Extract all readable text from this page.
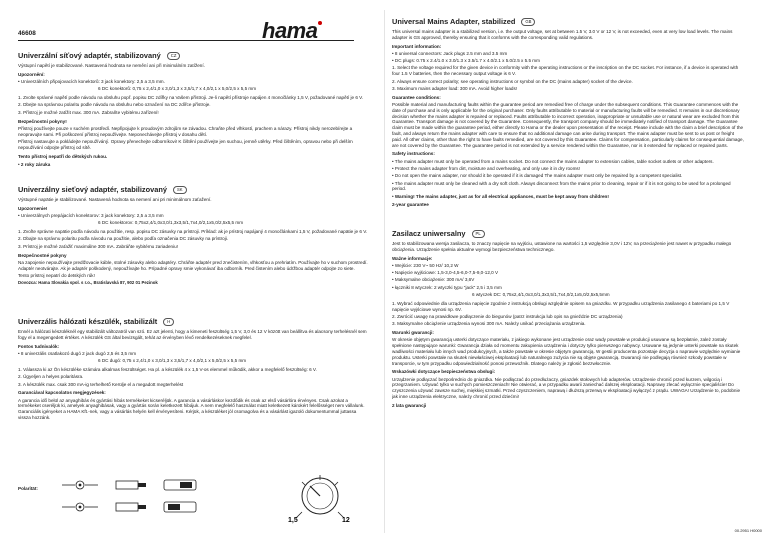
46608	hama
Univerzální síťový adaptér, stabilizovaný	CZ

Výstupní napětí je stabilizované. Nastavená hodnota se nemění ani při minimálním zatížení.

Upozornění:

• Univerzálních připojovacích konektorů: 3 jack konektory: 2,5 a 3,5 mm.

6 DC konektorů: 0,75 x 2,4/1,0 x 3,0/1,3 x 3,5/1,7 x 4,0/2,1 x 5,0/2,5 x 5,5 mm

1. Zvolte správné napětí podle návodu na obsluhu popř. popisu DC zdířky na Vašem přístroji. Je-li napětí přístroje napájen 4 monočlánky 1,5 V, požadované napětí je 6 V.

2. Dbejte na správnou polaritu podle návodu na obsluhu nebo označení na DC zdířce přístroje.

3. Přístroj je možné zatížit max. 300 mA. Zabraňte vybitému zařízení!

Bezpečnostní pokyny!

Přístroj používejte pouze v suchém prostředí. Nepřipojujte k proudovým zdrojům se závadou. Chraňte před vlhkostí, prachem a nárazy. Přístroj nikdy nerozebírejte a neopravujte sami. Při poškození přístroj nepoužívejte. Neponechávejte přístroj v dosahu dětí.

Přístroj nastavujte a pokládejte nepoužíváný. Opravy přenechejte odborníkovi! K čištění používejte jen suchou, jemně utěrky. Před čištěním, opravou nebo při delším nepoužívání odpojte přístroj od sítě.

Tento přístroj nepatří do dětských rukou.

• 2 roky záruka

Univerzálny sieťový adaptér, stabilizovaný	SK

Výstupné napätie je stabilizované. Nastavená hodnota sa nemení ani pri minimálnom zaťažení.

Upozornenie!

• Univerzálnych prepájacích konektorov: 3 jack konektory: 2,5 a 3,5 mm

6 DC konektorov: 0,75x2,4/1,0x3,0/1,3x3,5/1,7x4,0/2,1x5,0/2,5x5,5 mm

1. Zvoľte správne napätie podľa návodu na použitie, resp. popisu DC zásuvky na prístroji. Príklad: ak je prístroj napájaný 4 monočlánkami 1,5 V, požadované napätie je 6 V.

2. Dbajte na správnu polaritu podľa návodu na použitie, alebo podľa označenia DC zásuvky na prístroji.

3. Prístroj je možné zaťažiť maximálne 300 mA. Zabráňte vybitému zariadeniu!

Bezpečnostné pokyny

Na zapojenie nepoužívajte predlžovacie káble, stolné zásuvky alebo adaptéry. Chráňte adaptér pred znečistením, vlhkosťou a prehriatím. Používajte ho v suchom prostredí. Adaptér neotvárajte. Ak je adaptér poškodený, nepoužívajte ho. Prípadné opravy smie vykonávať iba odborník. Pred čistením alebo údržbou adaptér odpojte zo siete.

Tento prístroj nepatrí do detských rúk!

Dovozca: Hama Slovakia spol. s r.o., Bratislavská 87, 902 01 Pezinok

Univerzális hálózati készülék, stabilizált	H

Ennél a hálózati készüléknél egy stabilizált változatról van szó. Ez azt jelenti, hogy a kimeneti feszültség 1,5 V, 3,0 és 12 V között van beállítva és alacsony terhelésnél sem fogy el a megengedett értéket. A készülék GS által bevizsgált, tehát az érvényben lévő rendelkezéseknek megfelel.

Fontos tudnivalók:

• 8 univerzális csatlakozó dugó 2 jack dugó 2,5 és 3,5 mm

6 DC dugó: 0,75 x 2,4/1,0 x 3,0/1,3 x 3,5/1,7 x 4,0/2,1 x 5,0/2,5 x 5,5 mm

1. Válassza ki az Ön készüléke számára alkalmas feszültséget. Ha pl. a készülék 4 x 1,5 V-os elemmel működik, akkor a megfelelő feszültség: 6 V.

2. Ügyeljen a helyes polaritásra.

3. A készülék max. csak 300 mA-ig terhelhető Kerülje el a megadott megterhelést

Garanciával kapcsolatos megjegyzések:

A garancia idő belül az anyaghibás és gyártási hibás termékeket kicseréljük. A garancia a vásárláskor kezdődik és csak az első vásárlóra érvényes. Csak azokat a termékeket cseréljük ki, amelyek anyaghibásak, vagy a gyártás során keletkezett hibájuk. A nem megfelelő használat miatt keletkezett károkért felelősséget nem vállalunk. Garanciális igényeket a HAMA Kft.-nek, vagy a vásárlás helyén kell érvényesíteni. Kérjük, a készüléket jól csomagolva és a vásárlást igazoló dokumentummal juttassa vissza hozzánk.

Polarität:
1,5	12
Universal Mains Adapter, stabilized	GB

This universal mains adapter is a stabilized version, i.e. the output voltage, set at between 1.5 V, 3.0 V or 12 V, is not exceeded, even at very low load levels. The mains adapter is GS approved, thereby ensuring that it conforms with the corresponding valid regulations.

Important information:

• 8 universal connectors: Jack plugs 2.5 mm and 3.5 mm

• DC plugs: 0.75 x 2.4/1.0 x 3.0/1.3 x 3.5/1.7 x 4.0/2.1 x 5.0/2.5 x 5.5 mm

1. Select the voltage required for the given device in conformity with the operating instructions or the inscription on the DC socket. For instance, if a device is operated with four 1.5 V batteries, then the necessary output voltage is 6 V.

2. Always ensure correct polarity; see operating instructions or symbol on the DC (mains adapter) socket of the device.

3. Maximum mains adapter load: 300 mA. Avoid higher loads!

Guarantee conditions:

Possible material and manufacturing faults within the guarantee period are remedied free of charge under the subsequent conditions. This Guarantee commences with the date of purchase and is only applicable for the original purchaser. Only faults attributable to material or manufacturing faults will be remedied. It remains in our discretionary decision whether the mains adapter is repaired or replaced. Faults attributable to incorrect operation, inappropriate or unsuitable use or natural wear are excluded from this Guarantee. Transport damage is not covered by the Guarantee. Consequently, the transport company should be immediately notified of transport damage. The Guarantee claim must be made within the guarantee period, either directly to Hama or the dealer upon presentation of the receipt. Please include with the claim a brief description of the fault, and always return the mains adapter with care to ensure that no additional damage can arise during transport. The mains adapter must be sent to us post or freight paid. All other claims, other than the right to have faults remedied, are not covered by this Guarantee. Claims for compensation, particularly claims for consequential damage, are not covered by the Guarantee. The guarantee period is not extended by a service rendered within the Guarantee, nor is it extended for replaced or repaired parts.

Safety instructions:

• The mains adapter must only be operated from a mains socket. Do not connect the mains adapter to extension cables, table socket outlets or other adapters.

• Protect the mains adapter from dirt, moisture and overheating, and only use it in dry rooms!

• Do not open the mains adapter, nor should it be operated if it is damaged The mains adapter must only be repaired by a competent specialist.

• The mains adapter must only be cleaned with a dry soft cloth. Always disconnect from the mains prior to cleaning, repair or if it is not going to be used for a prolonged period.

• Warning! The mains adapter, just as for all electrical appliances, must be kept away from children!

2-year guarantee

Zasilacz uniwersalny	PL

Jest to stabilizowana wersja zasilacza, to znaczy napięcie na wyjściu, ustawione na wartości 1,5 względnie 3,0V i 12V, na przeciążenie jest nawet w przypadku małego obciążenia. Urządzenie spełnia aktualne wymogi bezpieczeństwa technicznego.

Ważne informacje:

• Wejście: 230 V~ 50 Hz/ 10,2 W

• Napięcie wyjściowe: 1,5-3,0-4,5-6,0-7,5-9,0-12,0 V

• Maksymalne obciążenie: 300 mA/ 3,6V

• łączniki 8 wtyczek: 2 wtyczki typu "jack" 2,5 i 3,5 mm

6 wtyczek DC: 0,75x2,4/1,0x3,0/1,3x3,5/1,7x4,0/2,1x5,0/2,5x5,5mm

1. Wybrać odpowiednie dla urządzenia napięcie zgodnie z instrukcją obsługi względnie opisem na gniazdku. W przypadku urządzenia zasilanego 4 bateriami po 1,5 V napięcie wyjściowe wynosi np. 6V.

2. Zwrócić uwagę na prawidłowe podłączenie do biegunów (patrz instrukcja lub opis na gnieździe DC urządzenia)

3. Maksymalne obciążenie urządzenia wynosi 300 mA. Należy unikać przeciążania urządzenia.

Warunki gwarancji:

W okresie objętym gwarancją usterki dotyczące materiału, z jakiego wykonane jest urządzenie oraz wady powstałe w produkcji usuwane są bezpłatnie, zależ zostały spełnione następujące warunki: Gwarancja działa od momentu zakupienia urządzenia i dotyczy tylko pierwszego nabywcy. Usuwane są jedynie usterki powstałe na skutek wadliwości materiału lub innych wad produkcyjnych, a także powstałe w okresie objętym gwarancją. W gestii producenta pozostaje decyzja o naprawie względnie wymianie produktu. Usterki powstałe na skutek niewłaściwej eksploatacji lub naturalnego zużycia nie są objęte gwarancją. Gwarancji nie podlegają również szkody powstałe w transporcie, w tym przypadku odpowiedzialność ponosi przewoźnik. Dlatego należy je zgłosić bezzwłocznie.

Wskazówki dotyczące bezpieczeństwa obsługi:

Urządzenie podłączać bezpośrednio do gniazdka. Nie podłączać do przedłużaczy, gniazdek stołowych lub adapterów. Urządzenie chronić przed kurzem, wilgocią i przegrzaniem. Używać tylko w suchych pomieszczeniach! Nie otwierać, a w przypadku awarii zaniechać dalszej eksploatacji. Naprawy zlecać wyłącznie specjaliście! Do czyszczenia używać zawsze suchej, miękkiej szmatki. Przed czyszczeniem, naprawą i dłuższą przerwą w eksploatacji wyłączyć z prądu. UWAGA! Urządzenie to, podobnie jak inne urządzenia elektryczne, należy chronić przed dziećmi!

2 lata gwarancji

00.2951 H0000
